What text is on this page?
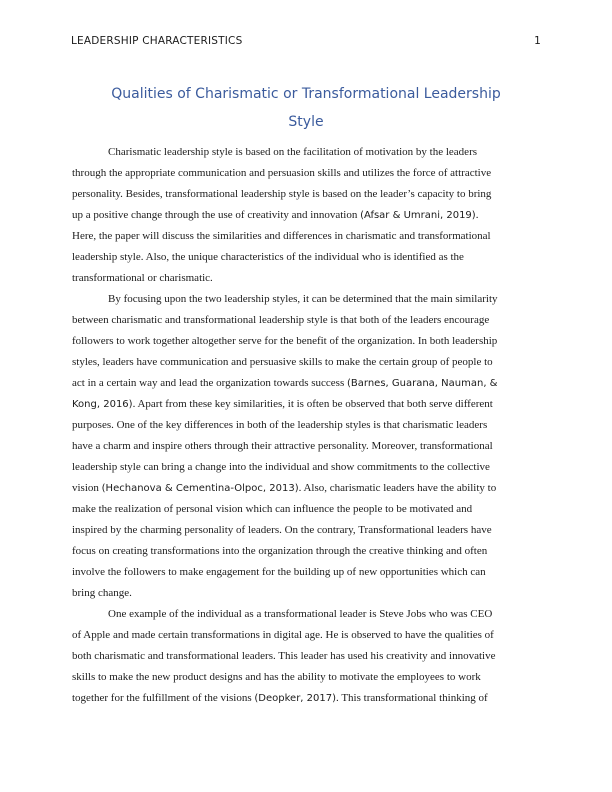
LEADERSHIP CHARACTERISTICS	1
Qualities of Charismatic or Transformational Leadership
Style
Charismatic leadership style is based on the facilitation of motivation by the leaders
through the appropriate communication and persuasion skills and utilizes the force of attractive
personality. Besides, transformational leadership style is based on the leader’s capacity to bring
up a positive change through the use of creativity and innovation (Afsar & Umrani, 2019).
Here, the paper will discuss the similarities and differences in charismatic and transformational
leadership style. Also, the unique characteristics of the individual who is identified as the
transformational or charismatic.
By focusing upon the two leadership styles, it can be determined that the main similarity
between charismatic and transformational leadership style is that both of the leaders encourage
followers to work together altogether serve for the benefit of the organization. In both leadership
styles, leaders have communication and persuasive skills to make the certain group of people to
act in a certain way and lead the organization towards success (Barnes, Guarana, Nauman, &
Kong, 2016). Apart from these key similarities, it is often be observed that both serve different
purposes. One of the key differences in both of the leadership styles is that charismatic leaders
have a charm and inspire others through their attractive personality. Moreover, transformational
leadership style can bring a change into the individual and show commitments to the collective
vision (Hechanova & Cementina-Olpoc, 2013). Also, charismatic leaders have the ability to
make the realization of personal vision which can influence the people to be motivated and
inspired by the charming personality of leaders. On the contrary, Transformational leaders have
focus on creating transformations into the organization through the creative thinking and often
involve the followers to make engagement for the building up of new opportunities which can
bring change.
One example of the individual as a transformational leader is Steve Jobs who was CEO
of Apple and made certain transformations in digital age. He is observed to have the qualities of
both charismatic and transformational leaders. This leader has used his creativity and innovative
skills to make the new product designs and has the ability to motivate the employees to work
together for the fulfillment of the visions (Deopker, 2017). This transformational thinking of
